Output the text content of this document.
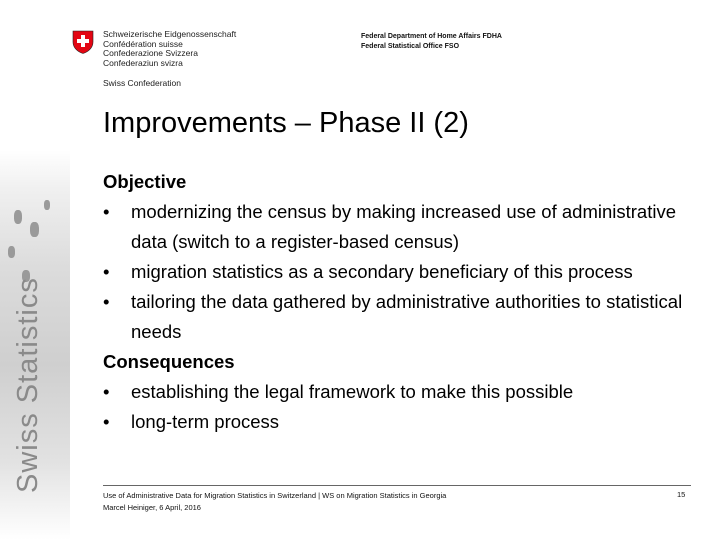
Swiss Statistics
Schweizerische Eidgenossenschaft
Confédération suisse
Confederazione Svizzera
Confederaziun svizra
Swiss Confederation
Federal Department of Home Affairs FDHA
Federal Statistical Office FSO
Improvements – Phase II (2)
Objective
• modernizing the census by making increased use of administrative data (switch to a register-based census)
• migration statistics as a secondary beneficiary of this process
• tailoring the data gathered by administrative authorities to statistical needs
Consequences
• establishing the legal framework to make this possible
• long-term process
Use of Administrative Data for Migration Statistics in Switzerland | WS on Migration Statistics in Georgia
Marcel Heiniger, 6 April, 2016
15
